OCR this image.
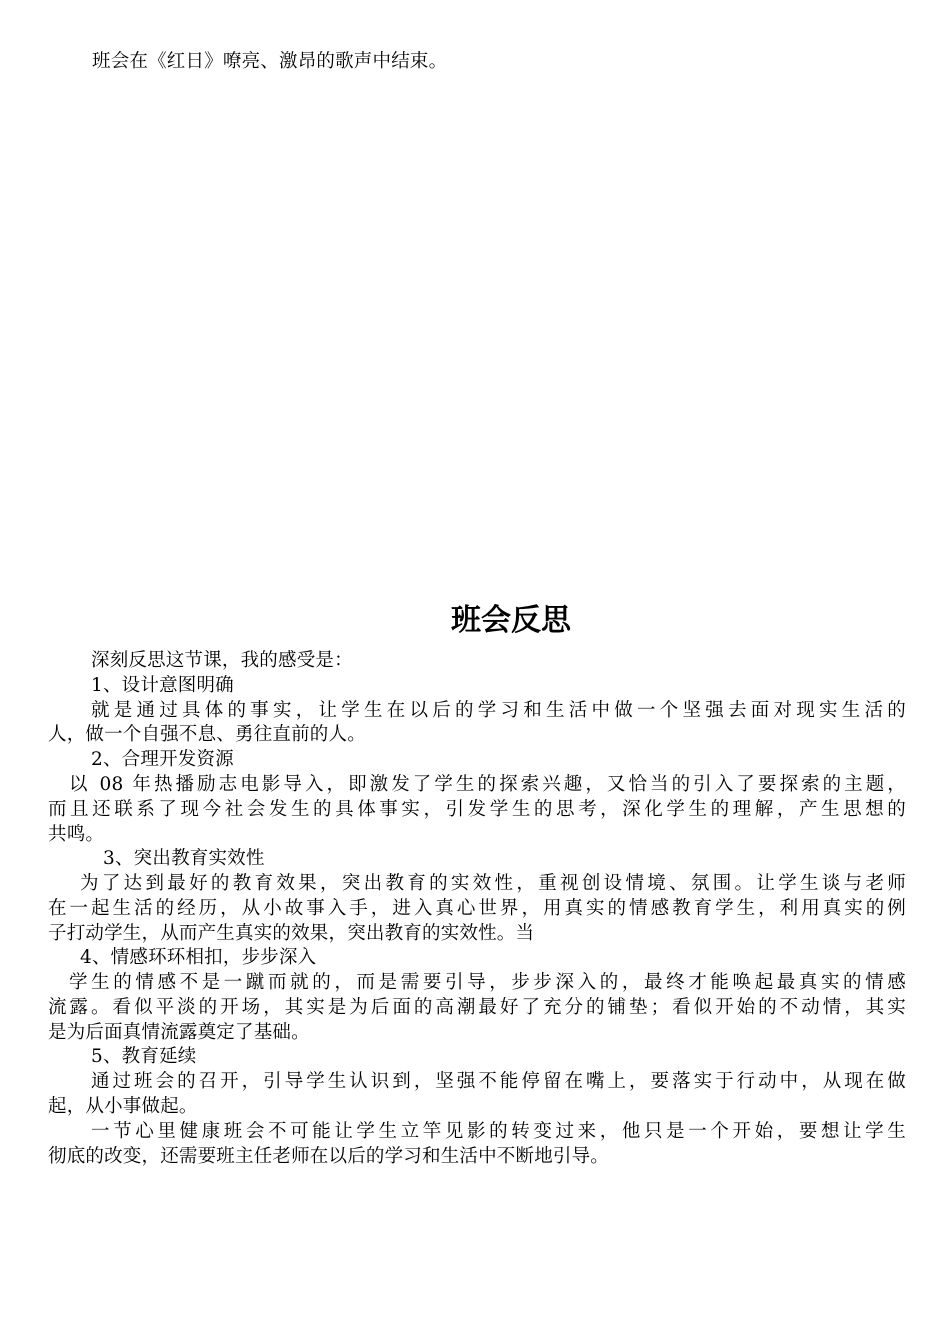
班会在《红日》嘹亮、激昂的歌声中结束。
班会反思
深刻反思这节课，我的感受是：
1、设计意图明确
就是通过具体的事实，让学生在以后的学习和生活中做一个坚强去面对现实生活的
人，做一个自强不息、勇往直前的人。
2、合理开发资源
以 08 年热播励志电影导入，即激发了学生的探索兴趣，又恰当的引入了要探索的主题，
而且还联系了现今社会发生的具体事实，引发学生的思考，深化学生的理解，产生思想的
共鸣。
3、突出教育实效性
为了达到最好的教育效果，突出教育的实效性，重视创设情境、氛围。让学生谈与老师
在一起生活的经历，从小故事入手，进入真心世界，用真实的情感教育学生，利用真实的例
子打动学生，从而产生真实的效果，突出教育的实效性。当
4、情感环环相扣，步步深入
学生的情感不是一蹴而就的，而是需要引导，步步深入的，最终才能唤起最真实的情感
流露。看似平淡的开场，其实是为后面的高潮最好了充分的铺垫；看似开始的不动情，其实
是为后面真情流露奠定了基础。
5、教育延续
通过班会的召开，引导学生认识到，坚强不能停留在嘴上，要落实于行动中，从现在做
起，从小事做起。
一节心里健康班会不可能让学生立竿见影的转变过来，他只是一个开始，要想让学生
彻底的改变，还需要班主任老师在以后的学习和生活中不断地引导。
